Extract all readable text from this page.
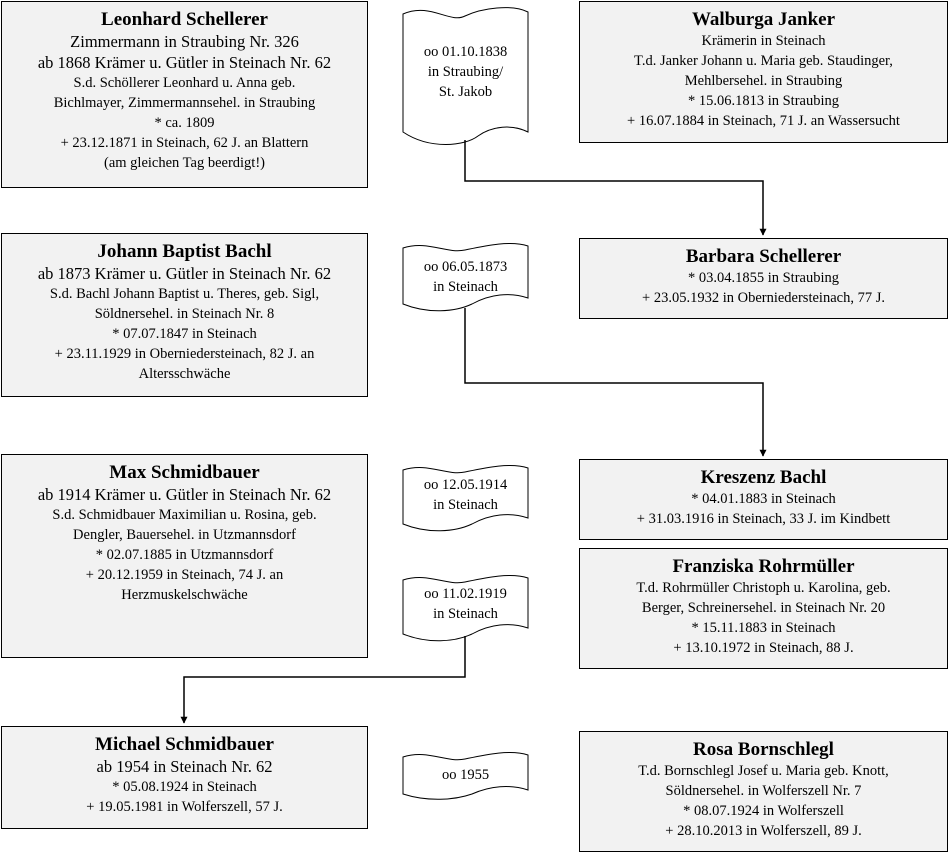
Leonhard Schellerer
Zimmermann in Straubing Nr. 326
ab 1868 Krämer u. Gütler in Steinach Nr. 62
S.d. Schöllerer Leonhard u. Anna geb.
Bichlmayer, Zimmermannsehel. in Straubing
* ca. 1809
+ 23.12.1871 in Steinach, 62 J. an Blattern
(am gleichen Tag beerdigt!)
Walburga Janker
Krämerin in Steinach
T.d. Janker Johann u. Maria geb. Staudinger,
Mehlbersehel. in Straubing
* 15.06.1813 in Straubing
+ 16.07.1884 in Steinach, 71 J. an Wassersucht
Johann Baptist Bachl
ab 1873 Krämer u. Gütler in Steinach Nr. 62
S.d. Bachl Johann Baptist u. Theres, geb. Sigl,
Söldnersehel. in Steinach Nr. 8
* 07.07.1847 in Steinach
+ 23.11.1929 in Oberniedersteinach, 82 J. an
Altersschwäche
Barbara Schellerer
* 03.04.1855 in Straubing
+ 23.05.1932 in Oberniedersteinach, 77 J.
Max Schmidbauer
ab 1914 Krämer u. Gütler in Steinach Nr. 62
S.d. Schmidbauer Maximilian u. Rosina, geb.
Dengler, Bauersehel. in Utzmannsdorf
* 02.07.1885 in Utzmannsdorf
+ 20.12.1959 in Steinach, 74 J. an
Herzmuskelschwäche
Kreszenz Bachl
* 04.01.1883 in Steinach
+ 31.03.1916 in Steinach, 33 J. im Kindbett
Franziska Rohrmüller
T.d. Rohrmüller Christoph u. Karolina, geb.
Berger, Schreinersehel. in Steinach Nr. 20
* 15.11.1883 in Steinach
+ 13.10.1972 in Steinach, 88 J.
Michael Schmidbauer
ab 1954 in Steinach Nr. 62
* 05.08.1924 in Steinach
+ 19.05.1981 in Wolferszell, 57 J.
Rosa Bornschlegl
T.d. Bornschlegl Josef u. Maria geb. Knott,
Söldnersehel. in Wolferszell Nr. 7
* 08.07.1924 in Wolferszell
+ 28.10.2013 in Wolferszell, 89 J.
oo 01.10.1838
in Straubing/
St. Jakob
oo 06.05.1873
in Steinach
oo 12.05.1914
in Steinach
oo 11.02.1919
in Steinach
oo 1955
